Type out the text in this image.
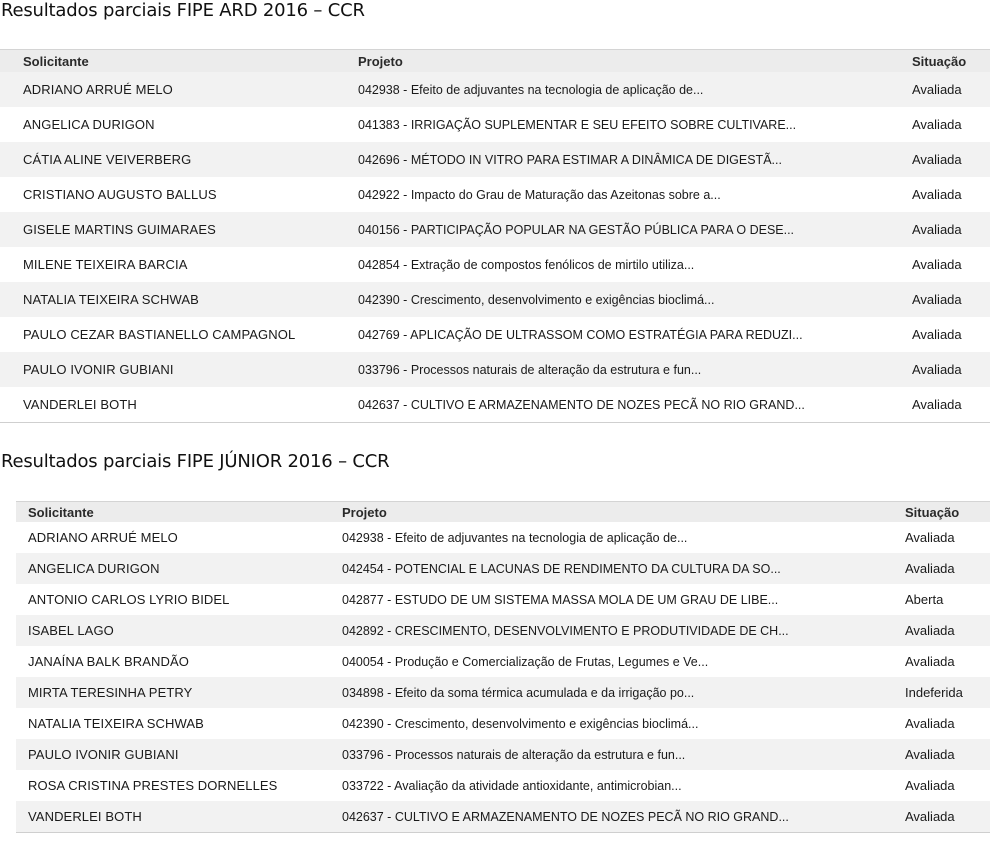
Resultados parciais FIPE ARD 2016 – CCR
Solicitante	Projeto	Situação
ADRIANO ARRUÉ MELO	042938 - Efeito de adjuvantes na tecnologia de aplicação de...	Avaliada
ANGELICA DURIGON	041383 - IRRIGAÇÃO SUPLEMENTAR E SEU EFEITO SOBRE CULTIVARE...	Avaliada
CÁTIA ALINE VEIVERBERG	042696 - MÉTODO IN VITRO PARA ESTIMAR A DINÂMICA DE DIGESTÃ...	Avaliada
CRISTIANO AUGUSTO BALLUS	042922 - Impacto do Grau de Maturação das Azeitonas sobre a...	Avaliada
GISELE MARTINS GUIMARAES	040156 - PARTICIPAÇÃO POPULAR NA GESTÃO PÚBLICA PARA O DESE...	Avaliada
MILENE TEIXEIRA BARCIA	042854 - Extração de compostos fenólicos de mirtilo utiliza...	Avaliada
NATALIA TEIXEIRA SCHWAB	042390 - Crescimento, desenvolvimento e exigências bioclimá...	Avaliada
PAULO CEZAR BASTIANELLO CAMPAGNOL	042769 - APLICAÇÃO DE ULTRASSOM COMO ESTRATÉGIA PARA REDUZI...	Avaliada
PAULO IVONIR GUBIANI	033796 - Processos naturais de alteração da estrutura e fun...	Avaliada
VANDERLEI BOTH	042637 - CULTIVO E ARMAZENAMENTO DE NOZES PECÃ NO RIO GRAND...	Avaliada
Resultados parciais FIPE JÚNIOR 2016 – CCR
Solicitante	Projeto	Situação
ADRIANO ARRUÉ MELO	042938 - Efeito de adjuvantes na tecnologia de aplicação de...	Avaliada
ANGELICA DURIGON	042454 - POTENCIAL E LACUNAS DE RENDIMENTO DA CULTURA DA SO...	Avaliada
ANTONIO CARLOS LYRIO BIDEL	042877 - ESTUDO DE UM SISTEMA MASSA MOLA DE UM GRAU DE LIBE...	Aberta
ISABEL LAGO	042892 - CRESCIMENTO, DESENVOLVIMENTO E PRODUTIVIDADE DE CH...	Avaliada
JANAÍNA BALK BRANDÃO	040054 - Produção e Comercialização de Frutas, Legumes e Ve...	Avaliada
MIRTA TERESINHA PETRY	034898 - Efeito da soma térmica acumulada e da irrigação po...	Indeferida
NATALIA TEIXEIRA SCHWAB	042390 - Crescimento, desenvolvimento e exigências bioclimá...	Avaliada
PAULO IVONIR GUBIANI	033796 - Processos naturais de alteração da estrutura e fun...	Avaliada
ROSA CRISTINA PRESTES DORNELLES	033722 - Avaliação da atividade antioxidante, antimicrobian...	Avaliada
VANDERLEI BOTH	042637 - CULTIVO E ARMAZENAMENTO DE NOZES PECÃ NO RIO GRAND...	Avaliada
